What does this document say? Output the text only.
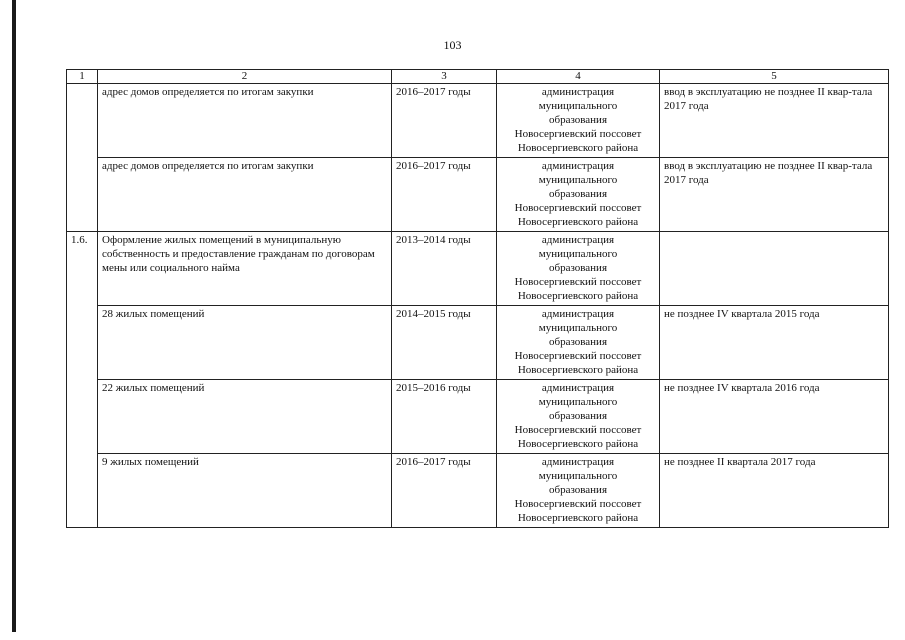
103
1	2	3	4	5
	адрес домов определяется по итогам закупки	2016–2017 годы	администрация
муниципального
образования
Новосергиевский поссовет
Новосергиевского района	ввод в эксплуатацию не позднее II квар-тала 2017 года
	адрес домов определяется по итогам закупки	2016–2017 годы	администрация
муниципального
образования
Новосергиевский поссовет
Новосергиевского района	ввод в эксплуатацию не позднее II квар-тала 2017 года
1.6.	Оформление жилых помещений в муниципальную собственность и предоставление гражданам по договорам мены или социального найма	2013–2014 годы	администрация
муниципального
образования
Новосергиевский поссовет
Новосергиевского района	

	28 жилых помещений	2014–2015 годы	администрация
муниципального
образования
Новосергиевский поссовет
Новосергиевского района	не позднее IV квартала 2015 года
	22 жилых помещений	2015–2016 годы	администрация
муниципального
образования
Новосергиевский поссовет
Новосергиевского района	не позднее IV квартала 2016 года
	9 жилых помещений	2016–2017 годы	администрация
муниципального
образования
Новосергиевский поссовет
Новосергиевского района	не позднее II квартала 2017 года
